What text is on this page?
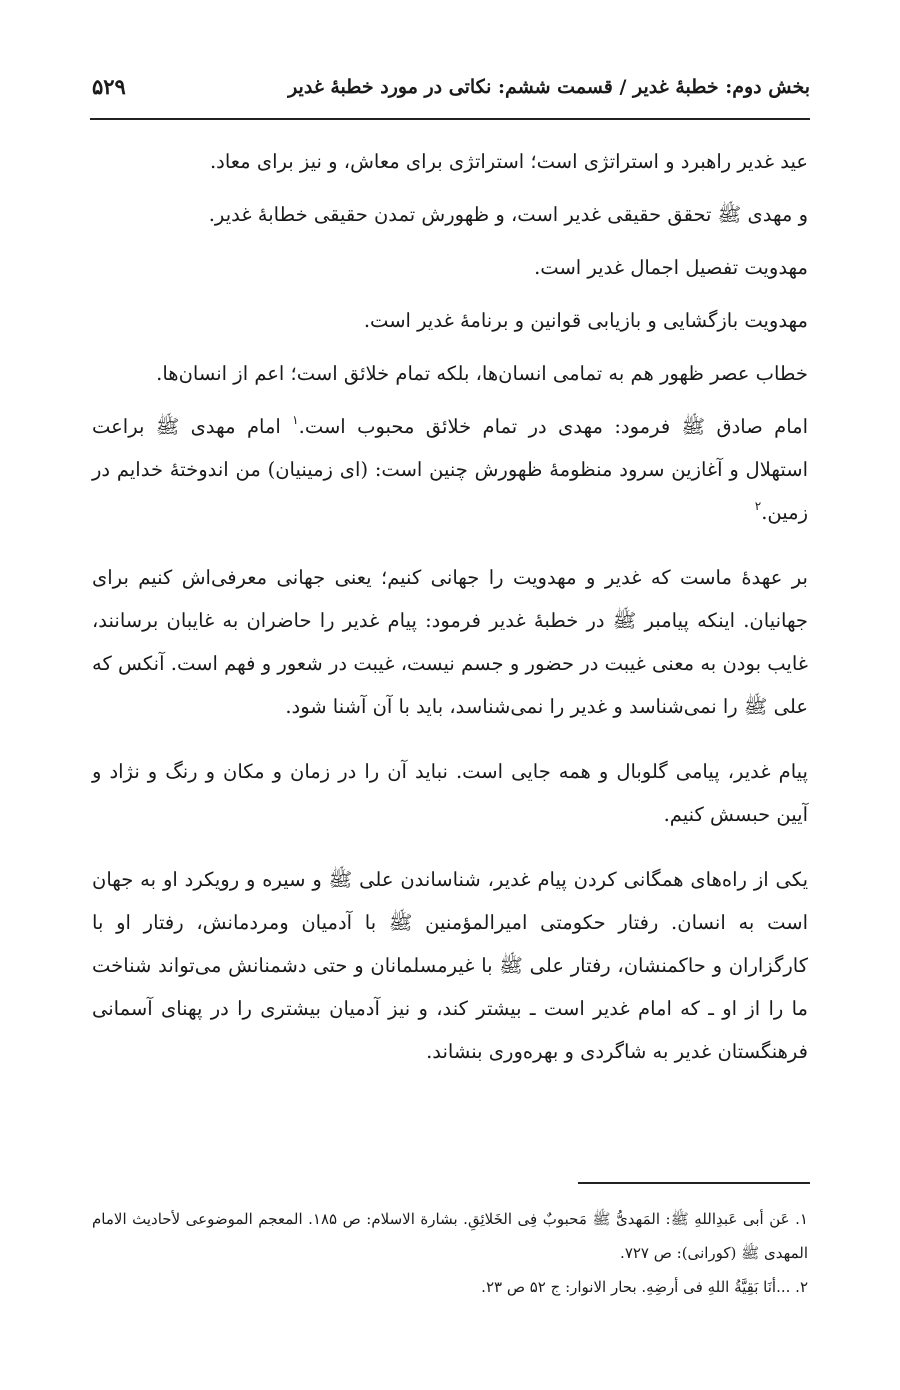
بخش دوم: خطبهٔ غدیر / قسمت ششم: نکاتی در مورد خطبهٔ غدیر
۵۲۹

عید غدیر راهبرد و استراتژی است؛ استراتژی برای معاش، و نیز برای معاد.

و مهدی ﷺ تحقق حقیقی غدیر است، و ظهورش تمدن حقیقی خطابهٔ غدیر.

مهدویت تفصیل اجمال غدیر است.

مهدویت بازگشایی و بازیابی قوانین و برنامهٔ غدیر است.

خطاب عصر ظهور هم به تمامی انسان‌ها، بلکه تمام خلائق است؛ اعم از انسان‌ها.

امام صادق ﷺ فرمود: مهدی در تمام خلائق محبوب است.$^۱$ امام مهدی ﷺ براعت استهلال و آغازین سرود منظومهٔ ظهورش چنین است: (ای زمینیان) من اندوختهٔ خدایم در زمین.$^۲$

بر عهدهٔ ماست که غدیر و مهدویت را جهانی کنیم؛ یعنی جهانی معرفی‌اش کنیم برای جهانیان. اینکه پیامبر ﷺ در خطبهٔ غدیر فرمود: پیام غدیر را حاضران به غایبان برسانند، غایب بودن به معنی غیبت در حضور و جسم نیست، غیبت در شعور و فهم است. آنکس که علی ﷺ را نمی‌شناسد و غدیر را نمی‌شناسد، باید با آن آشنا شود.

پیام غدیر، پیامی گلوبال و همه جایی است. نباید آن را در زمان و مکان و رنگ و نژاد و آیین حبسش کنیم.

یکی از راه‌های همگانی کردن پیام غدیر، شناساندن علی ﷺ و سیره و رویکرد او به جهان است به انسان. رفتار حکومتی امیرالمؤمنین ﷺ با آدمیان ومردمانش، رفتار او با کارگزاران و حاکمنشان، رفتار علی ﷺ با غیرمسلمانان و حتی دشمنانش می‌تواند شناخت ما را از او ـ که امام غدیر است ـ بیشتر کند، و نیز آدمیان بیشتری را در پهنای آسمانی فرهنگستان غدیر به شاگردی و بهره‌وری بنشاند.

۱. عَن أبی عَبدِاللهِ ﷺ: المَهدیُّ ﷺ مَحبوبٌ فِی الخَلائِقِ. بشارة الاسلام: ص ۱۸۵. المعجم الموضوعی لأحادیث الامام المهدی ﷺ (کورانی): ص ۷۲۷.

۲. ...أنَا بَقِیَّةُ اللهِ فی أرضِهِ. بحار الانوار: ج ۵۲ ص ۲۳.
